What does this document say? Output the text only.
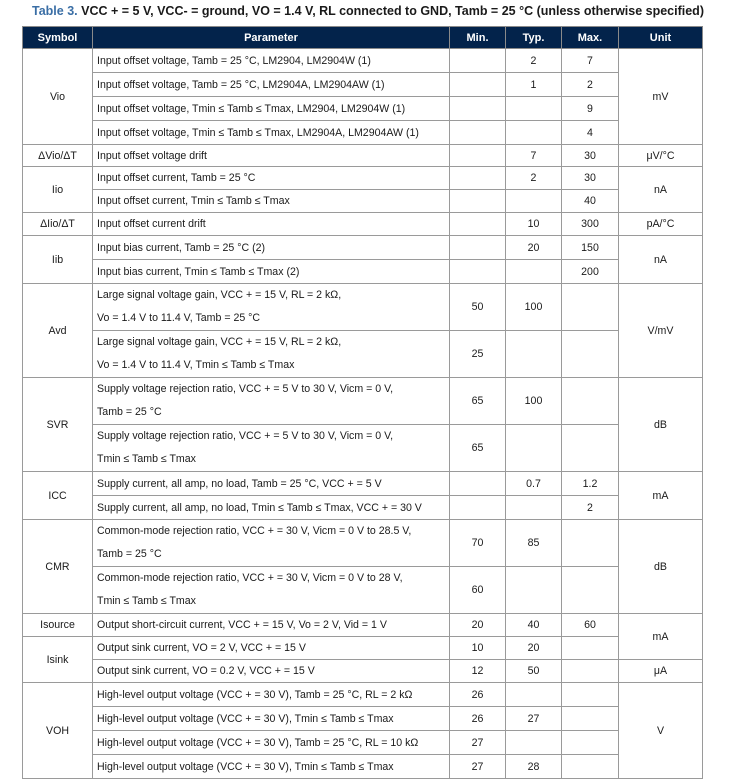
Table 3. VCC + = 5 V, VCC- = ground, VO = 1.4 V, RL connected to GND, Tamb = 25 °C (unless otherwise specified)
Symbol	Parameter	Min.	Typ.	Max.	Unit
Vio	Input offset voltage, Tamb = 25 °C, LM2904, LM2904W (1)		2	7	mV
	Input offset voltage, Tamb = 25 °C, LM2904A, LM2904AW (1)		1	2	
	Input offset voltage, Tmin ≤ Tamb ≤ Tmax, LM2904, LM2904W (1)			9	
	Input offset voltage, Tmin ≤ Tamb ≤ Tmax, LM2904A, LM2904AW (1)			4	
ΔVio/ΔT	Input offset voltage drift		7	30	μV/°C
Iio	Input offset current, Tamb = 25 °C		2	30	nA
	Input offset current, Tmin ≤ Tamb ≤ Tmax			40	
ΔIio/ΔT	Input offset current drift		10	300	pA/°C
Iib	Input bias current, Tamb = 25 °C (2)		20	150	nA
	Input bias current, Tmin ≤ Tamb ≤ Tmax (2)			200	
Avd	Large signal voltage gain, VCC + = 15 V, RL = 2 kΩ,
Vo = 1.4 V to 11.4 V, Tamb = 25 °C	50	100		V/mV

	Large signal voltage gain, VCC + = 15 V, RL = 2 kΩ,
Vo = 1.4 V to 11.4 V, Tmin ≤ Tamb ≤ Tmax	25			
SVR	Supply voltage rejection ratio, VCC + = 5 V to 30 V, Vicm = 0 V,
Tamb = 25 °C	65	100		dB

	Supply voltage rejection ratio, VCC + = 5 V to 30 V, Vicm = 0 V,
Tmin ≤ Tamb ≤ Tmax	65			
ICC	Supply current, all amp, no load, Tamb = 25 °C, VCC + = 5 V		0.7	1.2	mA
	Supply current, all amp, no load, Tmin ≤ Tamb ≤ Tmax, VCC + = 30 V			2	
CMR	Common-mode rejection ratio, VCC + = 30 V, Vicm = 0 V to 28.5 V,
Tamb = 25 °C	70	85		dB

	Common-mode rejection ratio, VCC + = 30 V, Vicm = 0 V to 28 V,
Tmin ≤ Tamb ≤ Tmax	60			
Isource	Output short-circuit current, VCC + = 15 V, Vo = 2 V, Vid = 1 V	20	40	60	mA
Isink	Output sink current, VO = 2 V, VCC + = 15 V	10	20		
	Output sink current, VO = 0.2 V, VCC + = 15 V	12	50		μA
VOH	High-level output voltage (VCC + = 30 V), Tamb = 25 °C, RL = 2 kΩ	26			V
	High-level output voltage (VCC + = 30 V), Tmin ≤ Tamb ≤ Tmax	26	27		
	High-level output voltage (VCC + = 30 V), Tamb = 25 °C, RL = 10 kΩ	27			
	High-level output voltage (VCC + = 30 V), Tmin ≤ Tamb ≤ Tmax	27	28		
